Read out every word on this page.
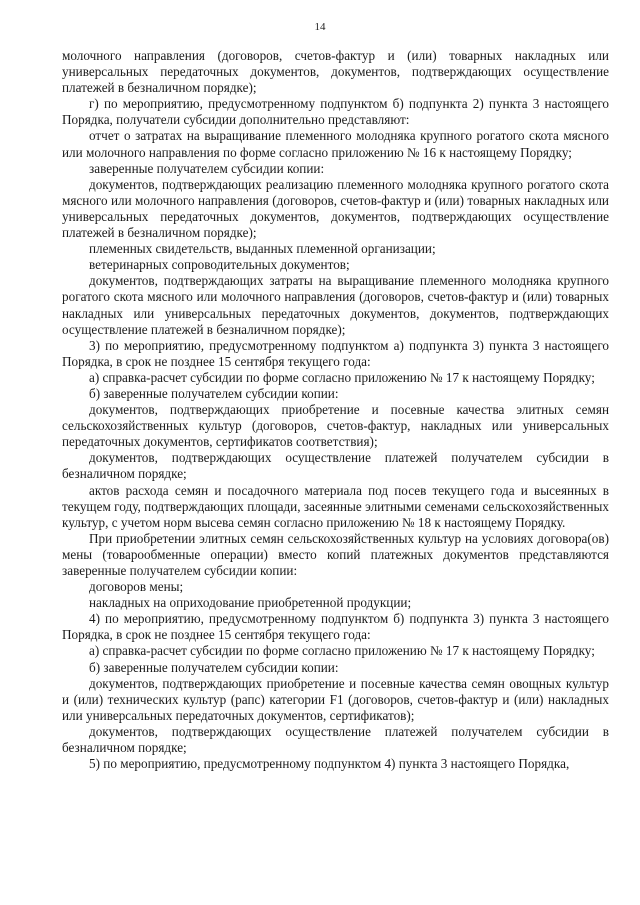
14

молочного направления (договоров, счетов-фактур и (или) товарных накладных или универсальных передаточных документов, документов, подтверждающих осуществление платежей в безналичном порядке);

г) по мероприятию, предусмотренному подпунктом б) подпункта 2) пункта 3 настоящего Порядка, получатели субсидии дополнительно представляют:

отчет о затратах на выращивание племенного молодняка крупного рогатого скота мясного или молочного направления по форме согласно приложению № 16 к настоящему Порядку;

заверенные получателем субсидии копии:

документов, подтверждающих реализацию племенного молодняка крупного рогатого скота мясного или молочного направления (договоров, счетов-фактур и (или) товарных накладных или универсальных передаточных документов, документов, подтверждающих осуществление платежей в безналичном порядке);

племенных свидетельств, выданных племенной организации;

ветеринарных сопроводительных документов;

документов, подтверждающих затраты на выращивание племенного молодняка крупного рогатого скота мясного или молочного направления (договоров, счетов-фактур и (или) товарных накладных или универсальных передаточных документов, документов, подтверждающих осуществление платежей в безналичном порядке);

3) по мероприятию, предусмотренному подпунктом а) подпункта 3) пункта 3 настоящего Порядка, в срок не позднее 15 сентября текущего года:

а) справка-расчет субсидии по форме согласно приложению № 17 к настоящему Порядку;

б) заверенные получателем субсидии копии:

документов, подтверждающих приобретение и посевные качества элитных семян сельскохозяйственных культур (договоров, счетов-фактур, накладных или универсальных передаточных документов, сертификатов соответствия);

документов, подтверждающих осуществление платежей получателем субсидии в безналичном порядке;

актов расхода семян и посадочного материала под посев текущего года и высеянных в текущем году, подтверждающих площади, засеянные элитными семенами сельскохозяйственных культур, с учетом норм высева семян согласно приложению № 18 к настоящему Порядку.

При приобретении элитных семян сельскохозяйственных культур на условиях договора(ов) мены (товарообменные операции) вместо копий платежных документов представляются заверенные получателем субсидии копии:

договоров мены;

накладных на оприходование приобретенной продукции;

4) по мероприятию, предусмотренному подпунктом б) подпункта 3) пункта 3 настоящего Порядка, в срок не позднее 15 сентября текущего года:

а) справка-расчет субсидии по форме согласно приложению № 17 к настоящему Порядку;

б) заверенные получателем субсидии копии:

документов, подтверждающих приобретение и посевные качества семян овощных культур и (или) технических культур (рапс) категории F1 (договоров, счетов-фактур и (или) накладных или универсальных передаточных документов, сертификатов);

документов, подтверждающих осуществление платежей получателем субсидии в безналичном порядке;

5) по мероприятию, предусмотренному подпунктом 4) пункта 3 настоящего Порядка,
